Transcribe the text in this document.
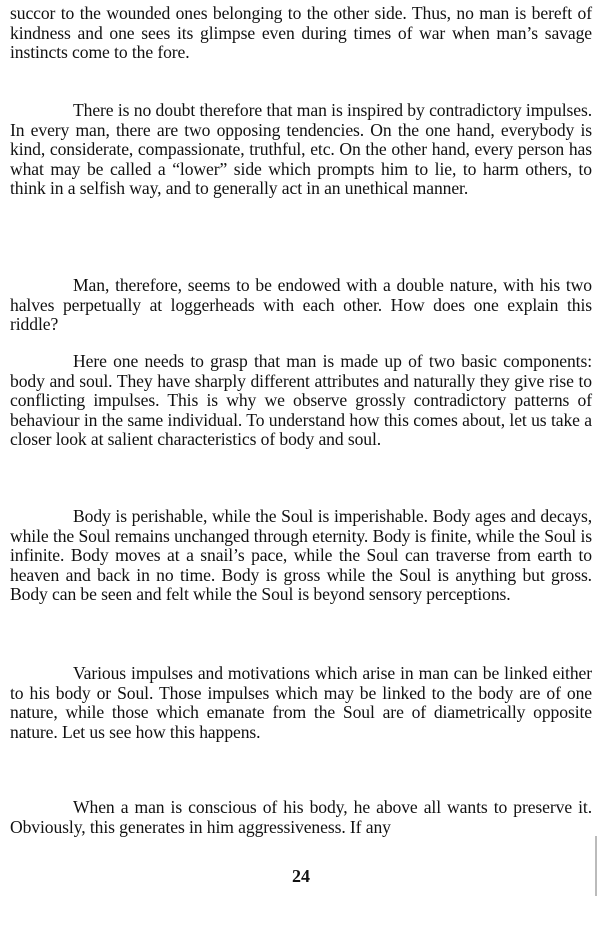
succor to the wounded ones belonging to the other side. Thus, no man is bereft of kindness and one sees its glimpse even during times of war when man’s savage instincts come to the fore.

There is no doubt therefore that man is inspired by contradictory impulses. In every man, there are two opposing tendencies. On the one hand, everybody is kind, considerate, compassionate, truthful, etc. On the other hand, every person has what may be called a “lower” side which prompts him to lie, to harm others, to think in a selfish way, and to generally act in an unethical manner.

Man, therefore, seems to be endowed with a double nature, with his two halves perpetually at loggerheads with each other. How does one explain this riddle?

Here one needs to grasp that man is made up of two basic components: body and soul. They have sharply different attributes and naturally they give rise to conflicting impulses. This is why we observe grossly contradictory patterns of behaviour in the same individual. To understand how this comes about, let us take a closer look at salient characteristics of body and soul.

Body is perishable, while the Soul is imperishable. Body ages and decays, while the Soul remains unchanged through eternity. Body is finite, while the Soul is infinite. Body moves at a snail’s pace, while the Soul can traverse from earth to heaven and back in no time. Body is gross while the Soul is anything but gross. Body can be seen and felt while the Soul is beyond sensory perceptions.

Various impulses and motivations which arise in man can be linked either to his body or Soul. Those impulses which may be linked to the body are of one nature, while those which emanate from the Soul are of diametrically opposite nature. Let us see how this happens.

When a man is conscious of his body, he above all wants to preserve it. Obviously, this generates in him aggressiveness. If any

24
